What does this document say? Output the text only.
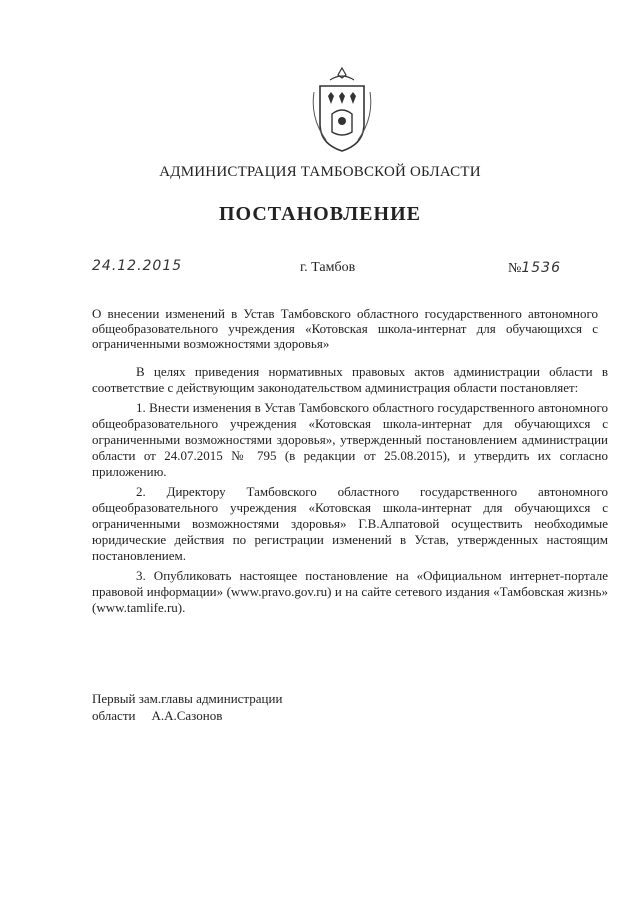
АДМИНИСТРАЦИЯ ТАМБОВСКОЙ ОБЛАСТИ
ПОСТАНОВЛЕНИЕ
24.12.2015	г. Тамбов	№1536
О внесении изменений в Устав Тамбовского областного государственного автономного общеобразовательного учреждения «Котовская школа-интернат для обучающихся с ограниченными возможностями здоровья»

В целях приведения нормативных правовых актов администрации области в соответствие с действующим законодательством администрация области постановляет:

1. Внести изменения в Устав Тамбовского областного государственного автономного общеобразовательного учреждения «Котовская школа-интернат для обучающихся с ограниченными возможностями здоровья», утвержденный постановлением администрации области от 24.07.2015 № 795 (в редакции от 25.08.2015), и утвердить их согласно приложению.

2. Директору Тамбовского областного государственного автономного общеобразовательного учреждения «Котовская школа-интернат для обучающихся с ограниченными возможностями здоровья» Г.В.Алпатовой осуществить необходимые юридические действия по регистрации изменений в Устав, утвержденных настоящим постановлением.

3. Опубликовать настоящее постановление на «Официальном интернет-портале правовой информации» (www.pravo.gov.ru) и на сайте сетевого издания «Тамбовская жизнь» (www.tamlife.ru).

Первый зам.главы администрации
области А.А.Сазонов
